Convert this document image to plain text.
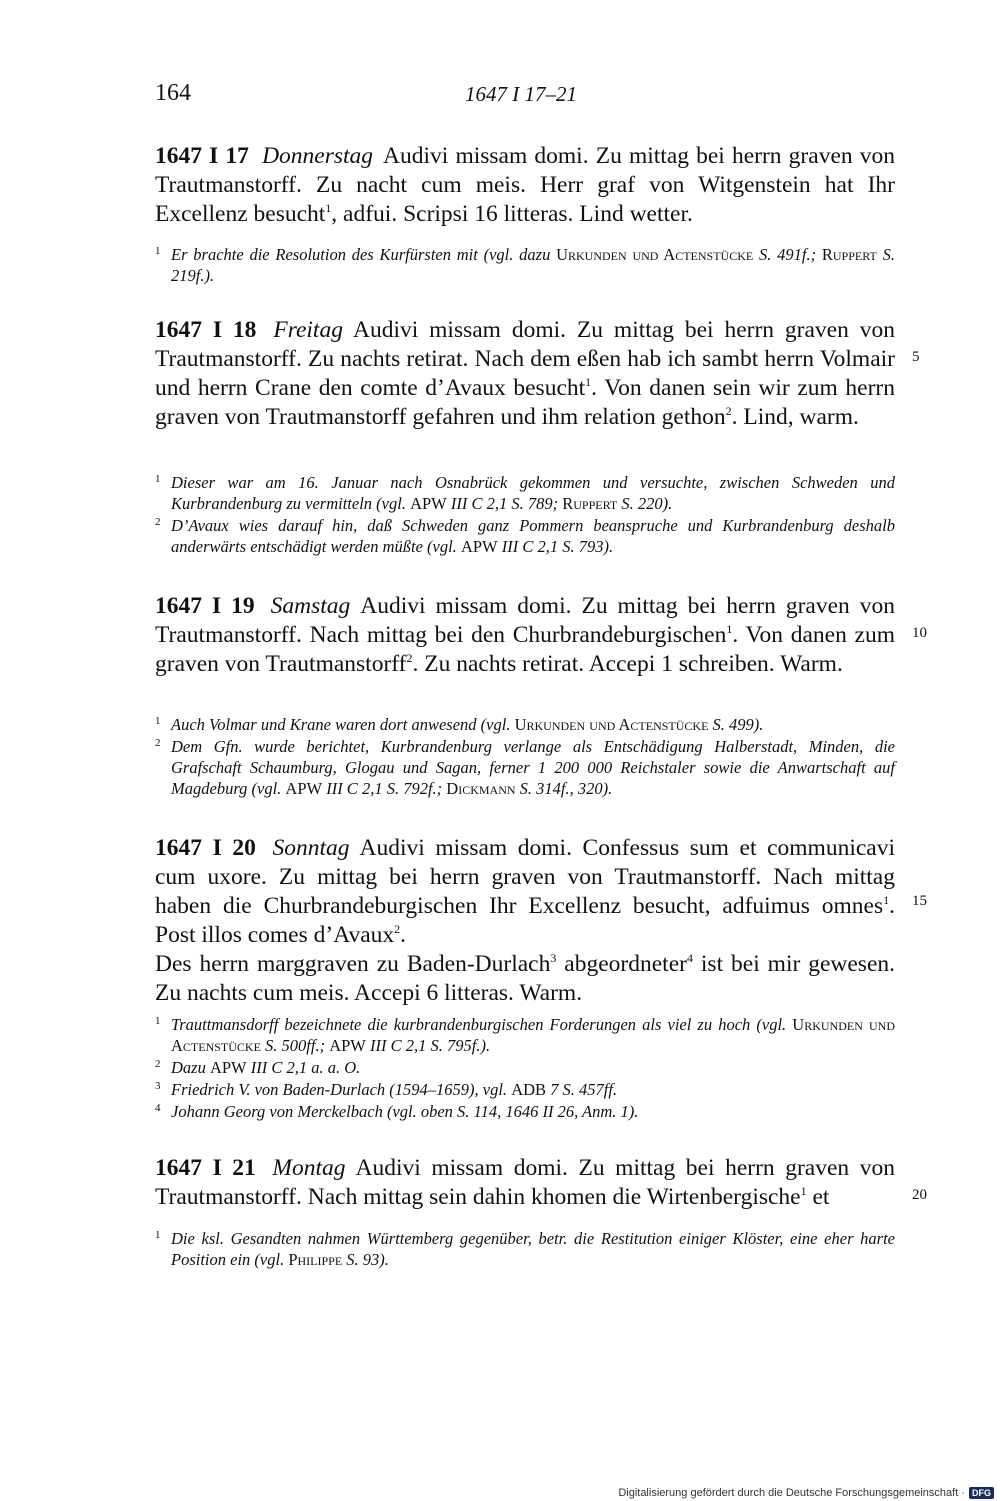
164	1647 I 17–21

1647 I 17 Donnerstag Audivi missam domi. Zu mittag bei herrn graven von Trautmanstorff. Zu nacht cum meis. Herr graf von Witgenstein hat Ihr Excellenz besucht$^1$, adfui. Scripsi 16 litteras. Lind wetter.

1 Er brachte die Resolution des Kurfürsten mit (vgl. dazu Urkunden und Actenstücke S. 491f.; Ruppert S. 219f.).

1647 I 18 Freitag Audivi missam domi. Zu mittag bei herrn graven von Trautmanstorff. Zu nachts retirat. Nach dem eßen hab ich sambt herrn Volmair und herrn Crane den comte d’Avaux besucht$^1$. Von danen sein wir zum herrn graven von Trautmanstorff gefahren und ihm relation gethon$^2$. Lind, warm.

1 Dieser war am 16. Januar nach Osnabrück gekommen und versuchte, zwischen Schweden und Kurbrandenburg zu vermitteln (vgl. APW III C 2,1 S. 789; Ruppert S. 220).
2 D’Avaux wies darauf hin, daß Schweden ganz Pommern beanspruche und Kurbrandenburg deshalb anderwärts entschädigt werden müßte (vgl. APW III C 2,1 S. 793).

1647 I 19 Samstag Audivi missam domi. Zu mittag bei herrn graven von Trautmanstorff. Nach mittag bei den Churbrandeburgischen$^1$. Von danen zum graven von Trautmanstorff$^2$. Zu nachts retirat. Accepi 1 schreiben. Warm.

1 Auch Volmar und Krane waren dort anwesend (vgl. Urkunden und Actenstücke S. 499).
2 Dem Gfn. wurde berichtet, Kurbrandenburg verlange als Entschädigung Halberstadt, Minden, die Grafschaft Schaumburg, Glogau und Sagan, ferner 1 200 000 Reichstaler sowie die Anwartschaft auf Magdeburg (vgl. APW III C 2,1 S. 792f.; Dickmann S. 314f., 320).

1647 I 20 Sonntag Audivi missam domi. Confessus sum et communicavi cum uxore. Zu mittag bei herrn graven von Trautmanstorff. Nach mittag haben die Churbrandeburgischen Ihr Excellenz besucht, adfuimus omnes$^1$. Post illos comes d’Avaux$^2$.

Des herrn marggraven zu Baden-Durlach$^3$ abgeordneter$^4$ ist bei mir gewesen. Zu nachts cum meis. Accepi 6 litteras. Warm.

1 Trauttmansdorff bezeichnete die kurbrandenburgischen Forderungen als viel zu hoch (vgl. Urkunden und Actenstücke S. 500ff.; APW III C 2,1 S. 795f.).
2 Dazu APW III C 2,1 a. a. O.
3 Friedrich V. von Baden-Durlach (1594–1659), vgl. ADB 7 S. 457ff.
4 Johann Georg von Merckelbach (vgl. oben S. 114, 1646 II 26, Anm. 1).

1647 I 21 Montag Audivi missam domi. Zu mittag bei herrn graven von Trautmanstorff. Nach mittag sein dahin khomen die Wirtenbergische$^1$ et

1 Die ksl. Gesandten nahmen Württemberg gegenüber, betr. die Restitution einiger Klöster, eine eher harte Position ein (vgl. Philippe S. 93).
5
10
15
20
Digitalisierung gefördert durch die Deutsche Forschungsgemeinschaft · DFG
